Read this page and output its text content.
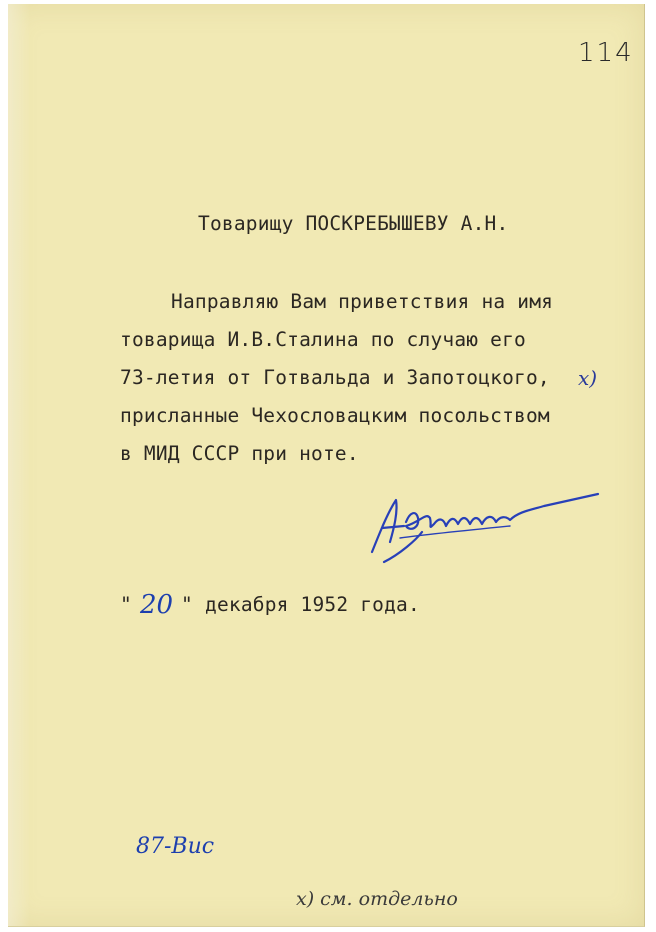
114
Товарищу ПОСКРЕБЫШЕВУ А.Н.
Направляю Вам приветствия на имя
товарища И.В.Сталина по случаю его
73-летия от Готвальда и Запотоцкого, х)
присланные Чехословацким посольством
в МИД СССР при ноте.
" 20 " декабря 1952 года.
87-Вис
х) см. отдельно
